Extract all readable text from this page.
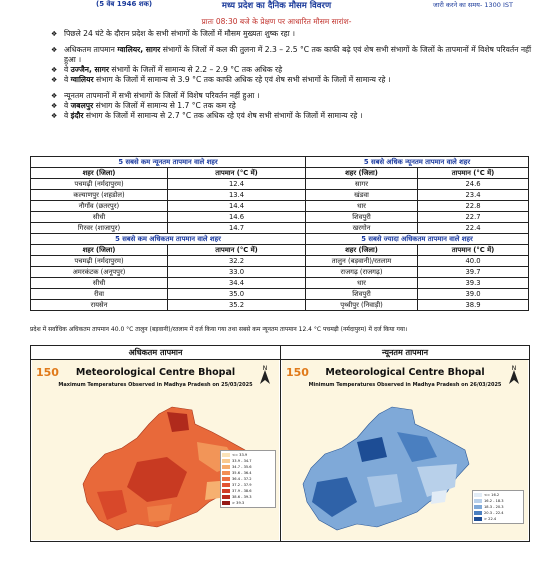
(5 वेब 1946 शक)	मध्य प्रदेश का दैनिक मौसम विवरण	जारी करने का समय- 1300 IST
प्रातः 08:30 बजे के प्रेक्षण पर आधारित मौसम सारांश-
❖ पिछले 24 घंटे के दौरान प्रदेश के सभी संभागों के जिलों में मौसम मुख्यतः शुष्क रहा ।
❖ अधिकतम तापमान ग्वालियर, सागर संभागों के जिलों में कल की तुलना में 2.3 – 2.5 °C तक काफी बढ़े एवं शेष सभी संभागों के जिलों के तापमानों में विशेष परिवर्तन नहीं हुआ ।
❖ वे उज्जैन, सागर संभागों के जिलों में सामान्य से 2.2 – 2.9 °C तक अधिक रहे
❖ वे ग्वालियर संभाग के जिलों में सामान्य से 3.9 °C तक काफी अधिक रहे एवं शेष सभी संभागों के जिलों में सामान्य रहे ।
❖ न्यूनतम तापमानों में सभी संभागों के जिलों में विशेष परिवर्तन नहीं हुआ ।
❖ वे जबलपुर संभाग के जिलों में सामान्य से 1.7 °C तक कम रहे
❖ वे इंदौर संभाग के जिलों में सामान्य से 2.7 °C तक अधिक रहे एवं शेष सभी संभागों के जिलों में सामान्य रहे ।
5 सबसे कम न्यूनतम तापमान वाले शहर		5 सबसे अधिक न्यूनतम तापमान वाले शहर	
शहर (जिला)	तापमान (°C में)	शहर (जिला)	तापमान (°C में)
पचमढ़ी (नर्मदापुरम)	12.4	सागर	24.6
कल्याणपुर (शहडोल)	13.4	खंडवा	23.4
नौगाँव (छतरपुर)	14.4	धार	22.8
सीधी	14.6	शिवपुरी	22.7
गिरवर (शाजापुर)	14.7	खरगोन	22.4
5 सबसे कम अधिकतम तापमान वाले शहर		5 सबसे ज्यादा अधिकतम तापमान वाले शहर	
शहर (जिला)	तापमान (°C में)	शहर (जिला)	तापमान (°C में)
पचमढ़ी (नर्मदापुरम)	32.2	तालुन (बड़वानी)/रतलाम	40.0
अमरकंटक (अनूपपुर)	33.0	राजगढ़ (राजगढ़)	39.7
सीधी	34.4	धार	39.3
रीवा	35.0	शिवपुरी	39.0
रायसेन	35.2	पृथ्वीपुर (निवाड़ी)	38.9
प्रदेश में सर्वाधिक अधिकतम तापमान 40.0 °C तालुन (बड़वानी)/रतलाम में दर्ज किया गया तथा सबसे कम न्यूनतम तापमान 12.4 °C पचमढ़ी (नर्मदापुरम) में दर्ज किया गया।
अधिकतम तापमान
150	Meteorological Centre Bhopal
Maximum Temperatures Observed in Madhya Pradesh on 25/03/2025
N
<= 33.9
33.9 - 34.7
34.7 - 35.6
35.6 - 36.4
36.4 - 37.2
37.2 - 37.9
37.9 - 38.6
38.6 - 39.3
> 39.3
न्यूनतम तापमान
150	Meteorological Centre Bhopal
Minimum Temperatures Observed in Madhya Pradesh on 26/03/2025
N
<= 16.2
16.2 - 18.3
18.3 - 20.3
20.3 - 22.4
> 22.4
